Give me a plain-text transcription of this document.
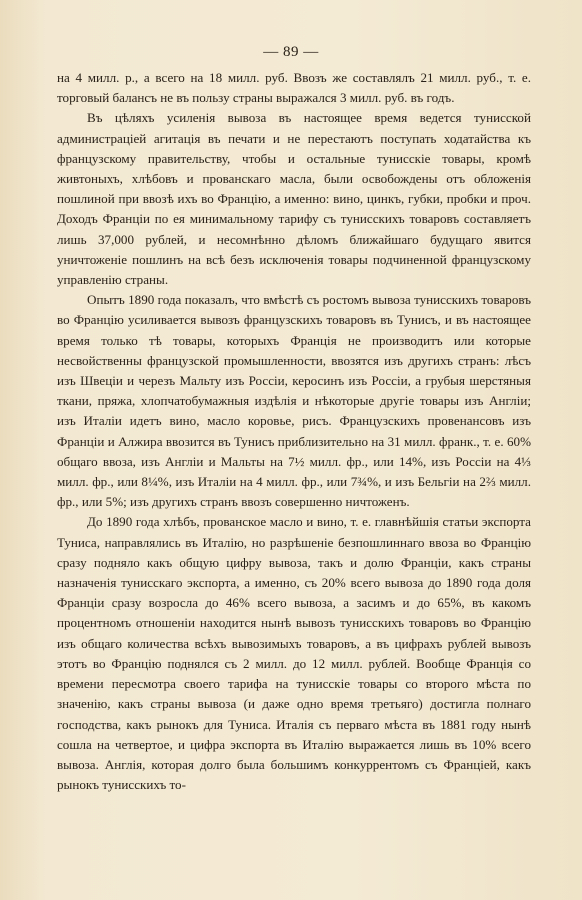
— 89 —

на 4 милл. р., а всего на 18 милл. руб. Ввозъ же составлялъ 21 милл. руб., т. е. торговый балансъ не въ пользу страны выражался 3 милл. руб. въ годъ.

Въ цѣляхъ усиленія вывоза въ настоящее время ведется тунисской администраціей агитація въ печати и не перестаютъ поступать ходатайства къ французскому правительству, чтобы и остальные тунисскіе товары, кромѣ живтоныхъ, хлѣбовъ и прованскаго масла, были освобождены отъ обложенія пошлиной при ввозѣ ихъ во Францію, а именно: вино, цинкъ, губки, пробки и проч. Доходъ Франціи по ея минимальному тарифу съ тунисскихъ товаровъ составляетъ лишь 37,000 рублей, и несомнѣнно дѣломъ ближайшаго будущаго явится уничтоженіе пошлинъ на всѣ безъ исключенія товары подчиненной французскому управленію страны.

Опытъ 1890 года показалъ, что вмѣстѣ съ ростомъ вывоза тунисскихъ товаровъ во Францію усиливается вывозъ французскихъ товаровъ въ Тунисъ, и въ настоящее время только тѣ товары, которыхъ Франція не производитъ или которые несвойственны французской промышленности, ввозятся изъ другихъ странъ: лѣсъ изъ Швеціи и черезъ Мальту изъ Россіи, керосинъ изъ Россіи, а грубыя шерстяныя ткани, пряжа, хлопчатобумажныя издѣлія и нѣкоторые другіе товары изъ Англіи; изъ Италіи идетъ вино, масло коровье, рисъ. Французскихъ провенансовъ изъ Франціи и Алжира ввозится въ Тунисъ приблизительно на 31 милл. франк., т. е. 60% общаго ввоза, изъ Англіи и Мальты на 7½ милл. фр., или 14%, изъ Россіи на 4⅓ милл. фр., или 8¼%, изъ Италіи на 4 милл. фр., или 7¾%, и изъ Бельгіи на 2⅔ милл. фр., или 5%; изъ другихъ странъ ввозъ совершенно ничтоженъ.

До 1890 года хлѣбъ, прованское масло и вино, т. е. главнѣйшія статьи экспорта Туниса, направлялись въ Италію, но разрѣшеніе безпошлиннаго ввоза во Францію сразу подняло какъ общую цифру вывоза, такъ и долю Франціи, какъ страны назначенія тунисскаго экспорта, а именно, съ 20% всего вывоза до 1890 года доля Франціи сразу возросла до 46% всего вывоза, а засимъ и до 65%, въ какомъ процентномъ отношеніи находится нынѣ вывозъ тунисскихъ товаровъ во Францію изъ общаго количества всѣхъ вывозимыхъ товаровъ, а въ цифрахъ рублей вывозъ этотъ во Францію поднялся съ 2 милл. до 12 милл. рублей. Вообще Франція со времени пересмотра своего тарифа на тунисскіе товары со второго мѣста по значенію, какъ страны вывоза (и даже одно время третьяго) достигла полнаго господства, какъ рынокъ для Туниса. Италія съ перваго мѣста въ 1881 году нынѣ сошла на четвертое, и цифра экспорта въ Италію выражается лишь въ 10% всего вывоза. Англія, которая долго была большимъ конкуррентомъ съ Франціей, какъ рынокъ тунисскихъ то-
